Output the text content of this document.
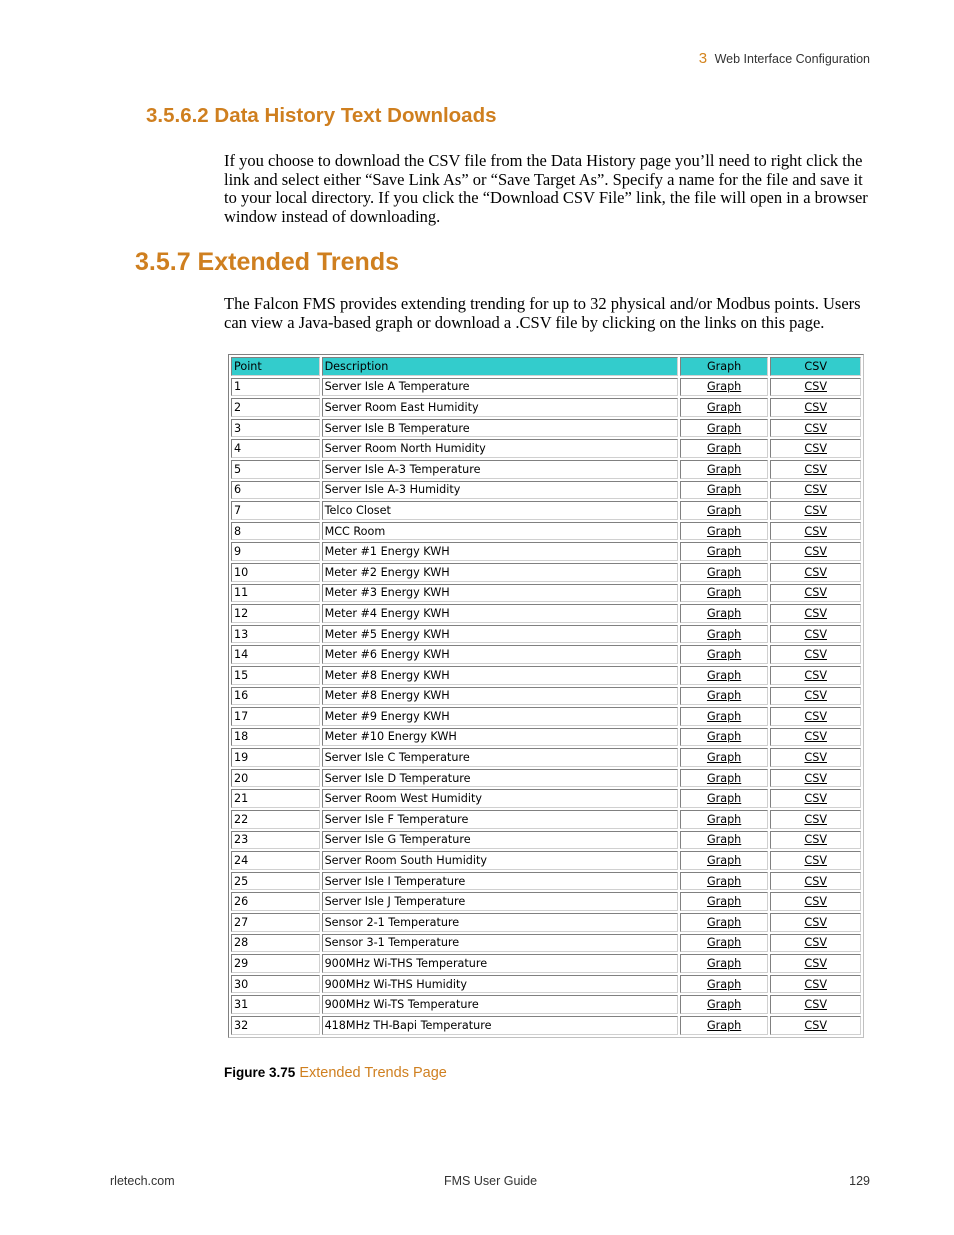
3 Web Interface Configuration
3.5.6.2 Data History Text Downloads

If you choose to download the CSV file from the Data History page you’ll need to right click the link and select either “Save Link As” or “Save Target As”. Specify a name for the file and save it to your local directory. If you click the “Download CSV File” link, the file will open in a browser window instead of downloading.

3.5.7 Extended Trends

The Falcon FMS provides extending trending for up to 32 physical and/or Modbus points. Users can view a Java-based graph or download a .CSV file by clicking on the links on this page.

Point	Description	Graph	CSV
1	Server Isle A Temperature	Graph	CSV
2	Server Room East Humidity	Graph	CSV
3	Server Isle B Temperature	Graph	CSV
4	Server Room North Humidity	Graph	CSV
5	Server Isle A-3 Temperature	Graph	CSV
6	Server Isle A-3 Humidity	Graph	CSV
7	Telco Closet	Graph	CSV
8	MCC Room	Graph	CSV
9	Meter #1 Energy KWH	Graph	CSV
10	Meter #2 Energy KWH	Graph	CSV
11	Meter #3 Energy KWH	Graph	CSV
12	Meter #4 Energy KWH	Graph	CSV
13	Meter #5 Energy KWH	Graph	CSV
14	Meter #6 Energy KWH	Graph	CSV
15	Meter #8 Energy KWH	Graph	CSV
16	Meter #8 Energy KWH	Graph	CSV
17	Meter #9 Energy KWH	Graph	CSV
18	Meter #10 Energy KWH	Graph	CSV
19	Server Isle C Temperature	Graph	CSV
20	Server Isle D Temperature	Graph	CSV
21	Server Room West Humidity	Graph	CSV
22	Server Isle F Temperature	Graph	CSV
23	Server Isle G Temperature	Graph	CSV
24	Server Room South Humidity	Graph	CSV
25	Server Isle I Temperature	Graph	CSV
26	Server Isle J Temperature	Graph	CSV
27	Sensor 2-1 Temperature	Graph	CSV
28	Sensor 3-1 Temperature	Graph	CSV
29	900MHz Wi-THS Temperature	Graph	CSV
30	900MHz Wi-THS Humidity	Graph	CSV
31	900MHz Wi-TS Temperature	Graph	CSV
32	418MHz TH-Bapi Temperature	Graph	CSV
Figure 3.75 Extended Trends Page
rletech.com	FMS User Guide	129
